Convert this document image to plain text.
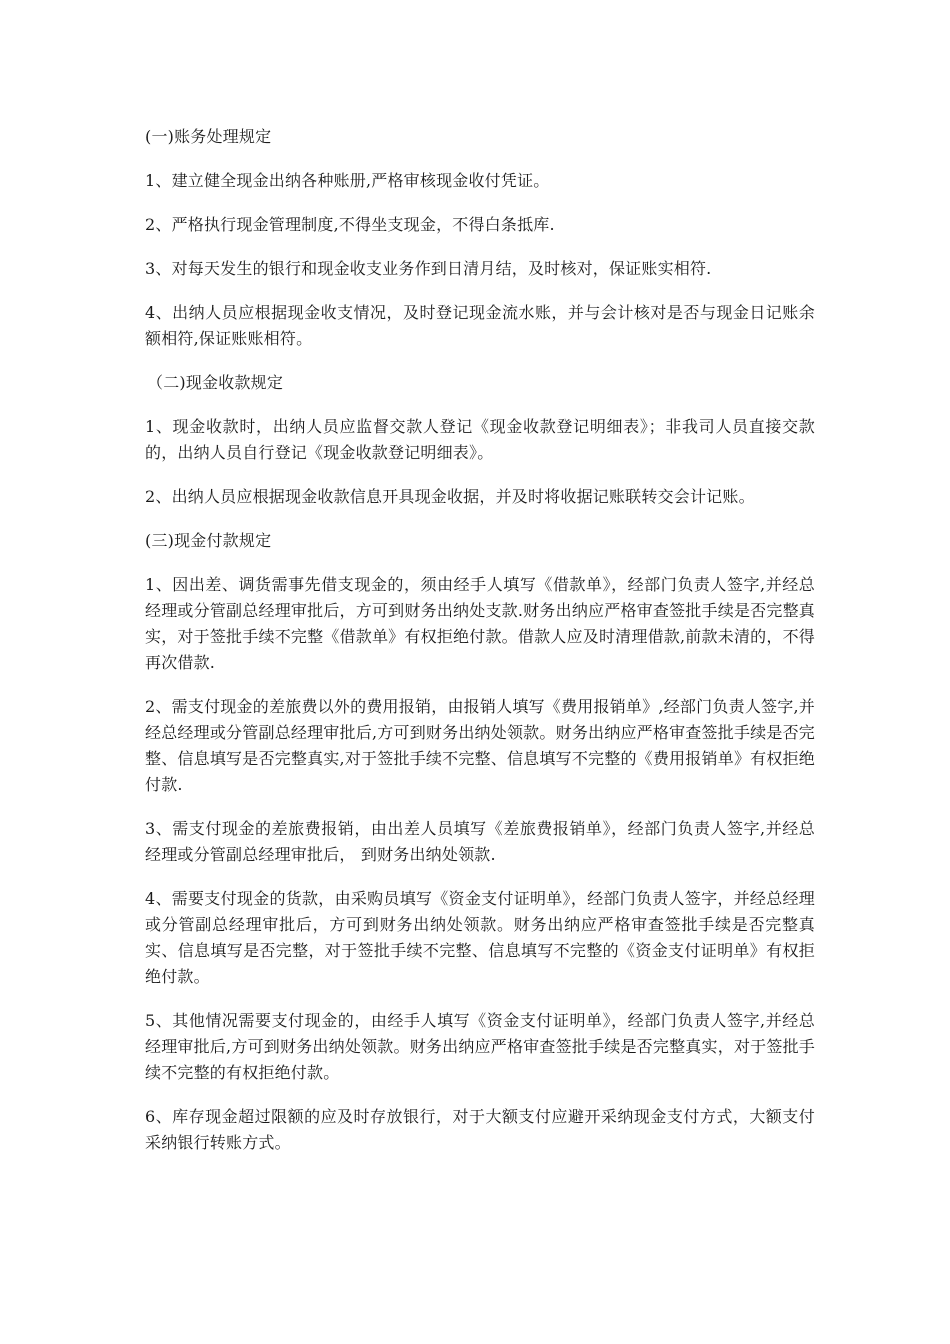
(一)账务处理规定

1、建立健全现金出纳各种账册,严格审核现金收付凭证。

2、严格执行现金管理制度,不得坐支现金，不得白条抵库.

3、对每天发生的银行和现金收支业务作到日清月结，及时核对，保证账实相符.

4、出纳人员应根据现金收支情况，及时登记现金流水账，并与会计核对是否与现金日记账余额相符,保证账账相符。

（二)现金收款规定

1、现金收款时，出纳人员应监督交款人登记《现金收款登记明细表》；非我司人员直接交款的，出纳人员自行登记《现金收款登记明细表》。

2、出纳人员应根据现金收款信息开具现金收据，并及时将收据记账联转交会计记账。

(三)现金付款规定

1、因出差、调货需事先借支现金的，须由经手人填写《借款单》，经部门负责人签字,并经总经理或分管副总经理审批后，方可到财务出纳处支款.财务出纳应严格审查签批手续是否完整真实，对于签批手续不完整《借款单》有权拒绝付款。借款人应及时清理借款,前款未清的，不得再次借款.

2、需支付现金的差旅费以外的费用报销，由报销人填写《费用报销单》,经部门负责人签字,并经总经理或分管副总经理审批后,方可到财务出纳处领款。财务出纳应严格审查签批手续是否完整、信息填写是否完整真实,对于签批手续不完整、信息填写不完整的《费用报销单》有权拒绝付款.

3、需支付现金的差旅费报销，由出差人员填写《差旅费报销单》，经部门负责人签字,并经总经理或分管副总经理审批后， 到财务出纳处领款.

4、需要支付现金的货款，由采购员填写《资金支付证明单》，经部门负责人签字，并经总经理或分管副总经理审批后，方可到财务出纳处领款。财务出纳应严格审查签批手续是否完整真实、信息填写是否完整，对于签批手续不完整、信息填写不完整的《资金支付证明单》有权拒绝付款。

5、其他情况需要支付现金的，由经手人填写《资金支付证明单》，经部门负责人签字,并经总经理审批后,方可到财务出纳处领款。财务出纳应严格审查签批手续是否完整真实，对于签批手续不完整的有权拒绝付款。

6、库存现金超过限额的应及时存放银行，对于大额支付应避开采纳现金支付方式，大额支付采纳银行转账方式。
